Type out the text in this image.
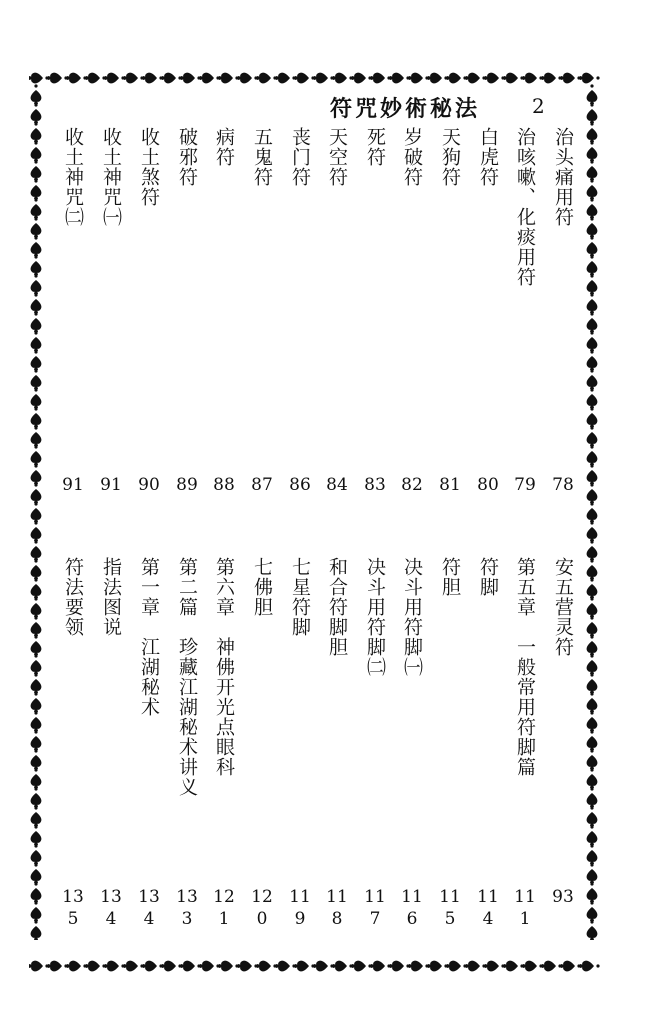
符咒妙術秘法	2
治头痛用符
78
治咳嗽、化痰用符
79
白虎符
80
天狗符
81
岁破符
82
死符
83
天空符
84
丧门符
86
五鬼符
87
病符
88
破邪符
89
收土煞符
90
收土神咒㈠
91
收土神咒㈡
91
安五营灵符
93
第五章　一般常用符脚篇
111
符脚
114
符胆
115
决斗用符脚㈠
116
决斗用符脚㈡
117
和合符脚胆
118
七星符脚
119
七佛胆
120
第六章　神佛开光点眼科
121
第二篇　珍藏江湖秘术讲义
133
第一章　江湖秘术
134
指法图说
134
符法要领
135
